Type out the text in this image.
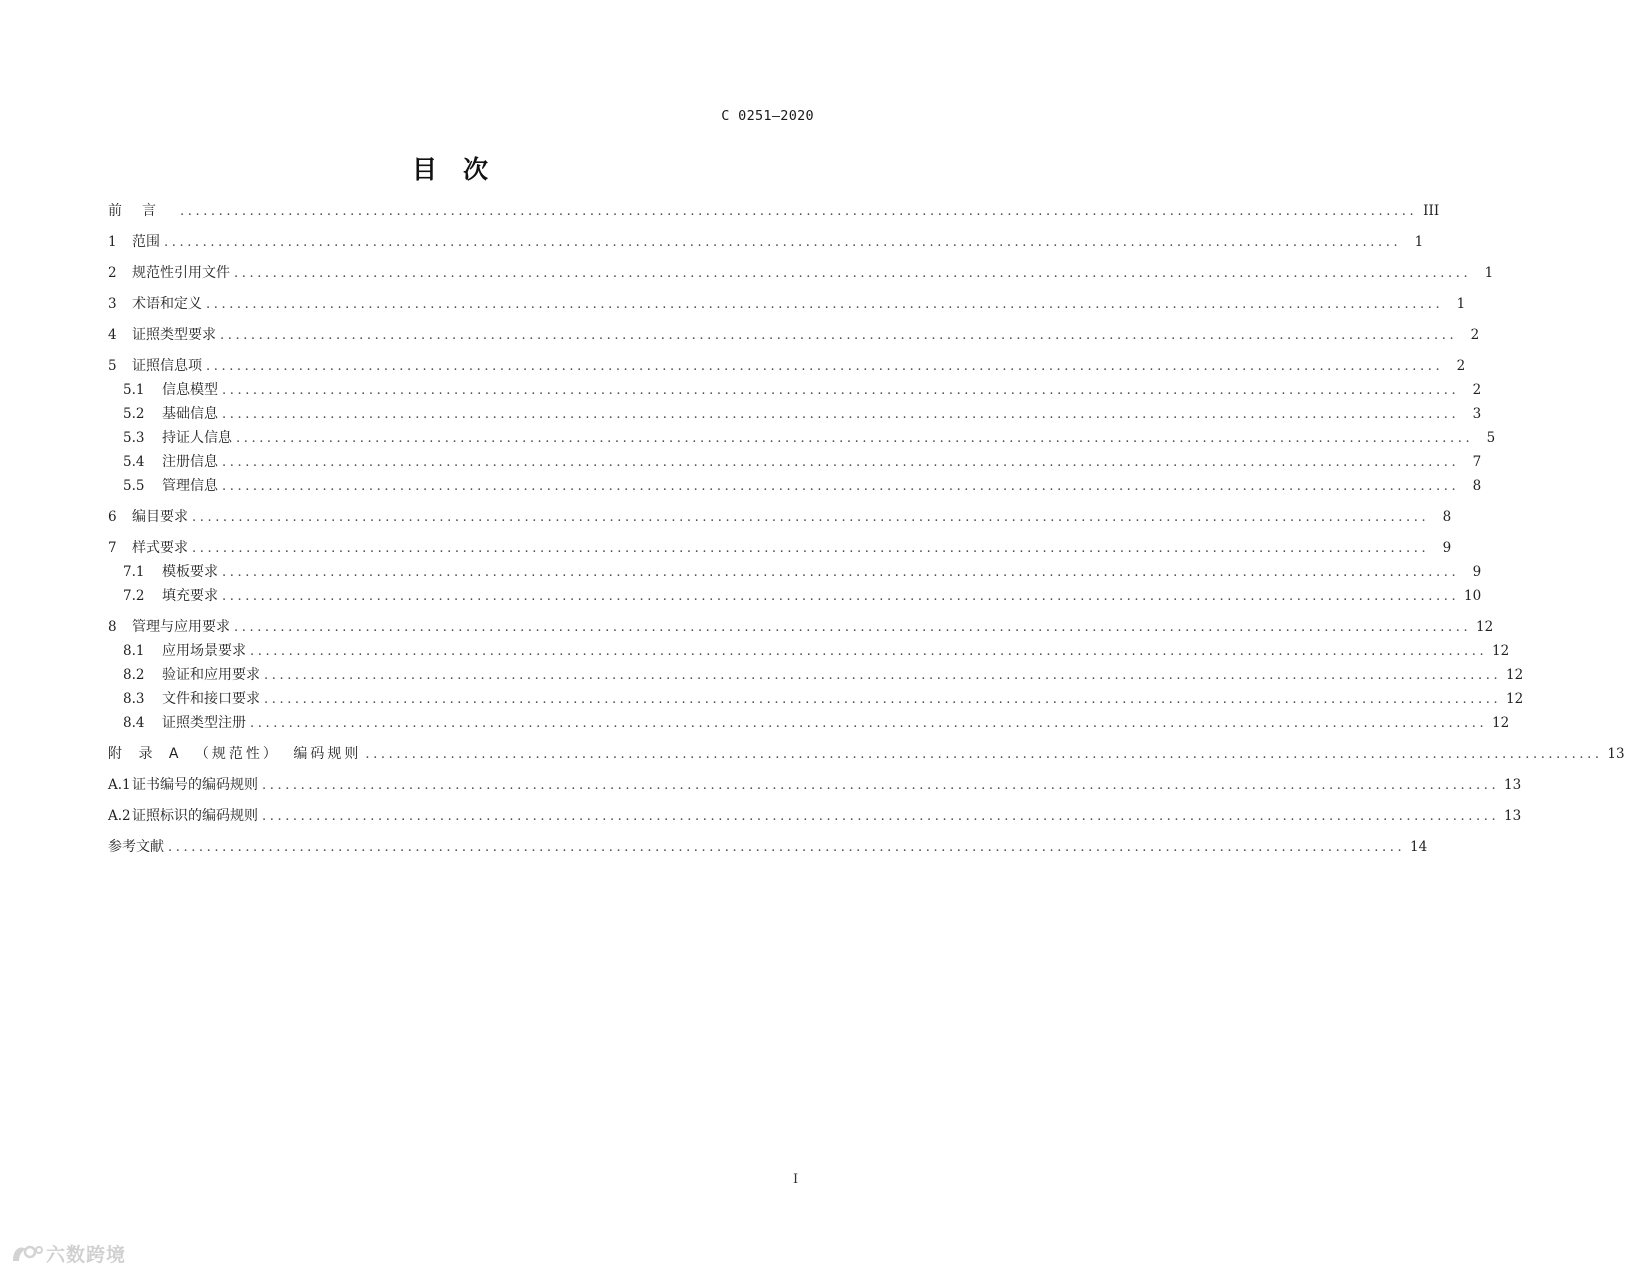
C 0251—2020
目次
前言 ................................................................................................................................................................ III
1	范围 ................................................................................................................................................................ 1
2	规范性引用文件 ................................................................................................................................................................ 1
3	术语和定义 ................................................................................................................................................................ 1
4	证照类型要求 ................................................................................................................................................................ 2
5	证照信息项 ................................................................................................................................................................ 2
5.1	信息模型 ................................................................................................................................................................ 2
5.2	基础信息 ................................................................................................................................................................ 3
5.3	持证人信息 ................................................................................................................................................................ 5
5.4	注册信息 ................................................................................................................................................................ 7
5.5	管理信息 ................................................................................................................................................................ 8
6	编目要求 ................................................................................................................................................................ 8
7	样式要求 ................................................................................................................................................................ 9
7.1	模板要求 ................................................................................................................................................................ 9
7.2	填充要求 ................................................................................................................................................................ 10
8	管理与应用要求 ................................................................................................................................................................ 12
8.1	应用场景要求 ................................................................................................................................................................ 12
8.2	验证和应用要求 ................................................................................................................................................................ 12
8.3	文件和接口要求 ................................................................................................................................................................ 12
8.4	证照类型注册 ................................................................................................................................................................ 12
附 录 A （规范性） 编码规则 ................................................................................................................................................................ 13
A.1 证书编号的编码规则 ................................................................................................................................................................ 13
A.2 证照标识的编码规则 ................................................................................................................................................................ 13
参考文献 ................................................................................................................................................................ 14
I
六数跨境
